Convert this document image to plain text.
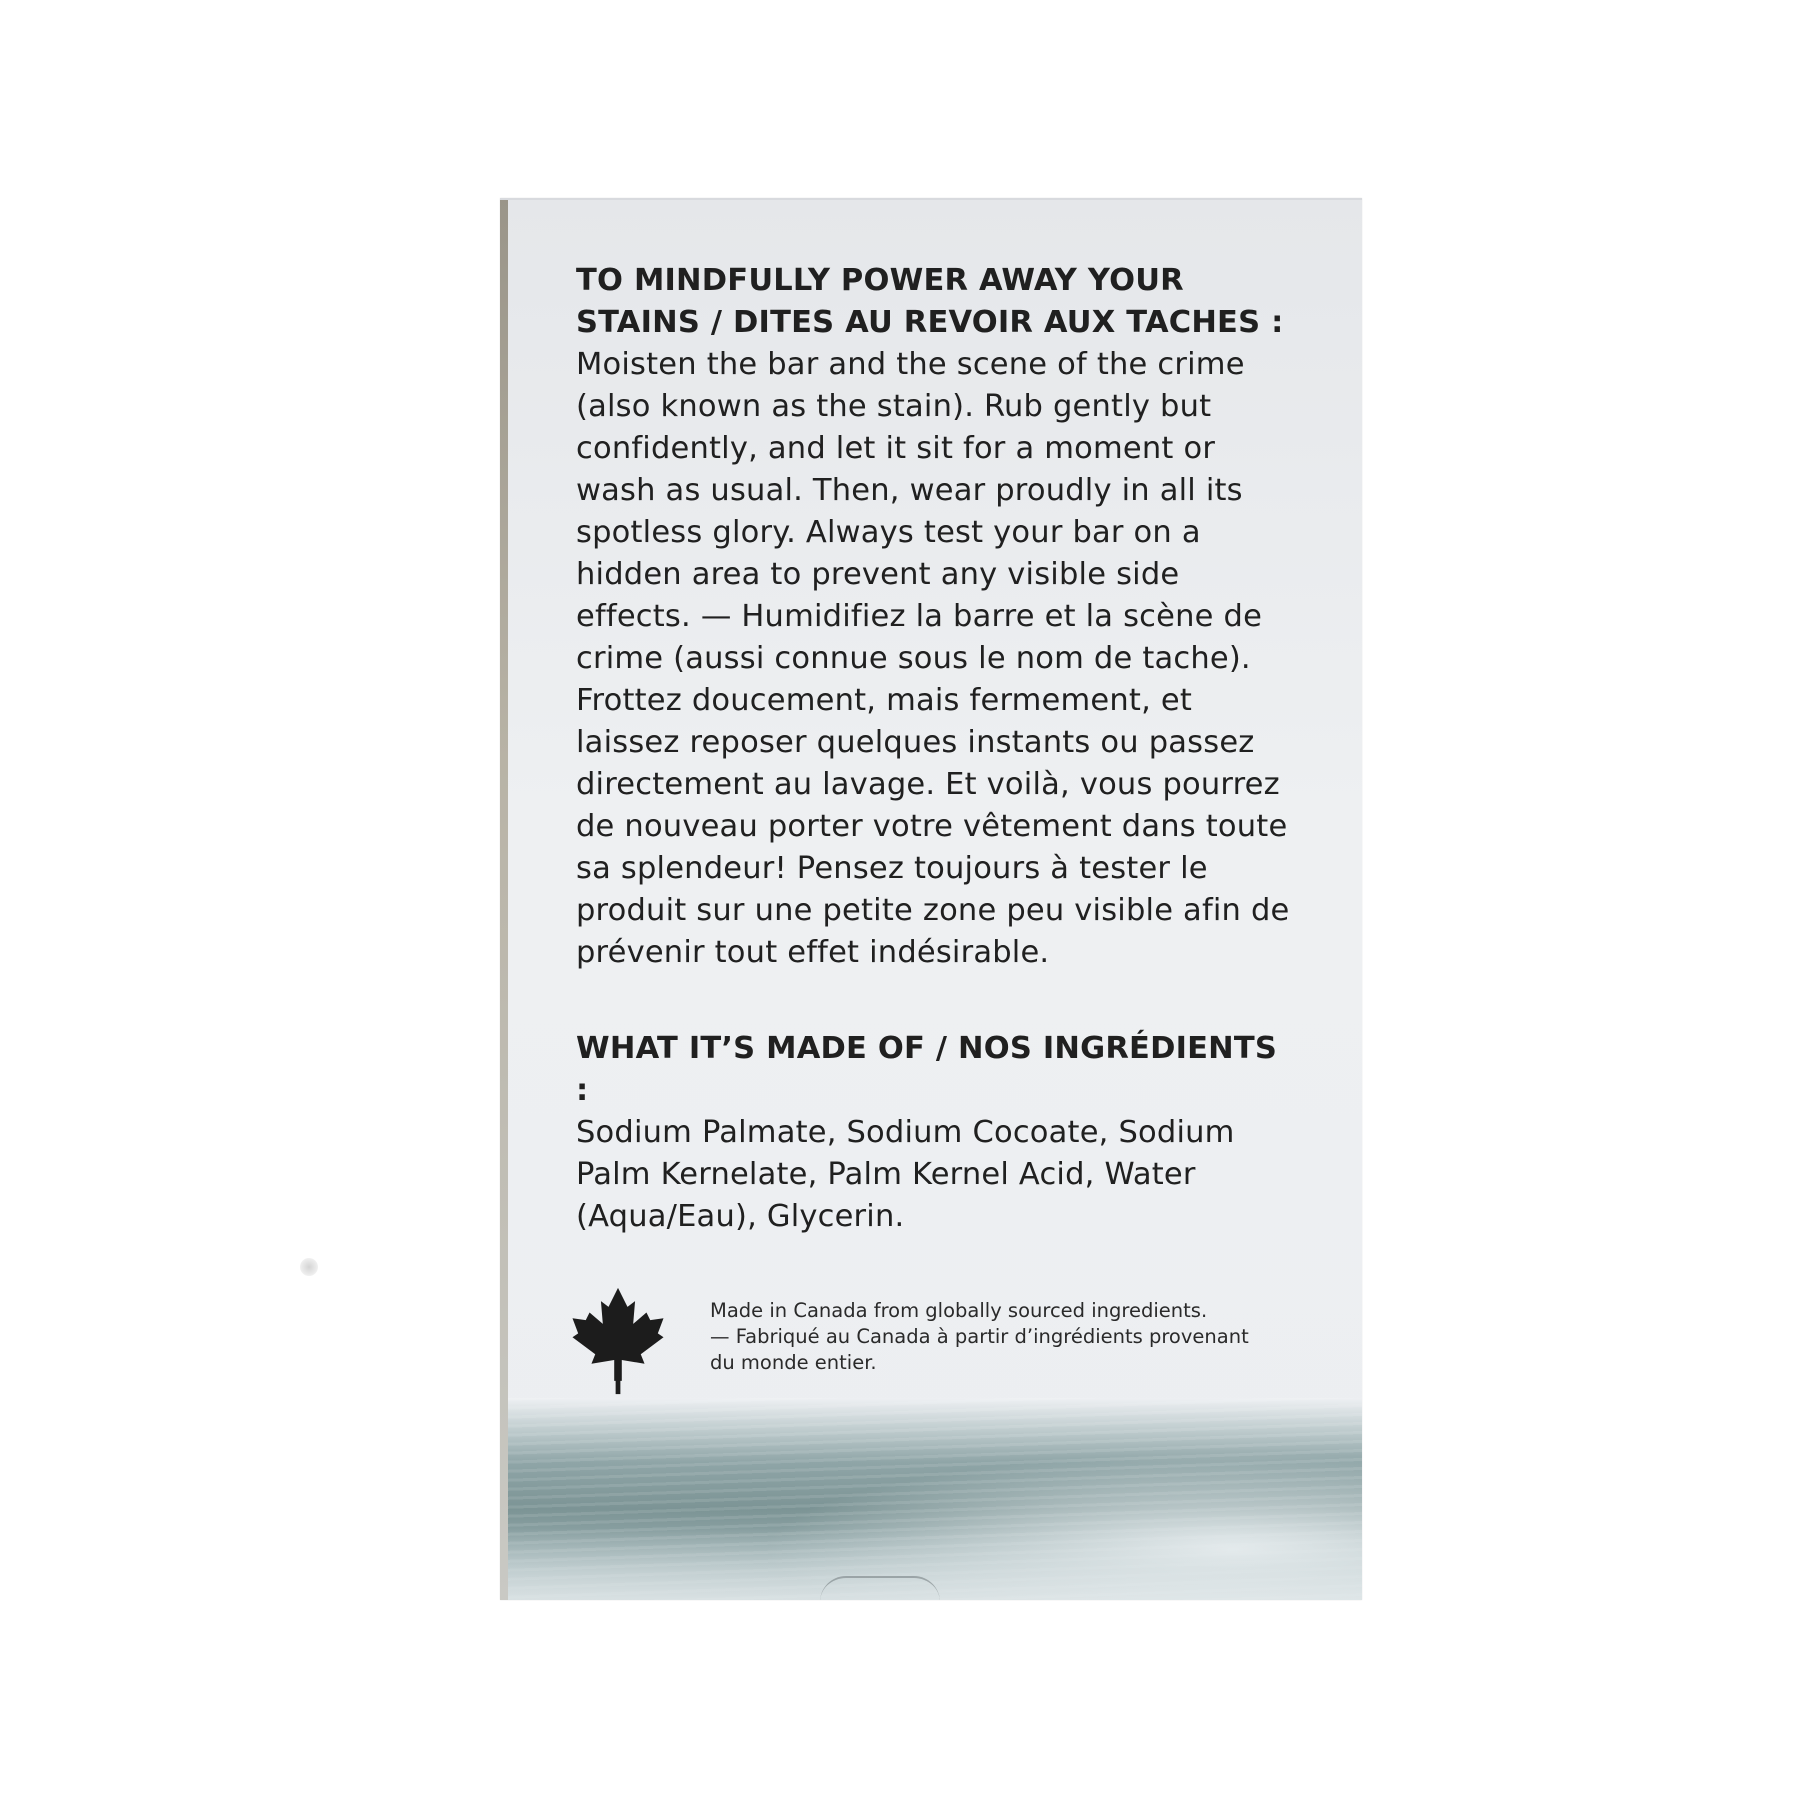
TO MINDFULLY POWER AWAY YOUR STAINS / DITES AU REVOIR AUX TACHES :

Moisten the bar and the scene of the crime (also known as the stain). Rub gently but confidently, and let it sit for a moment or wash as usual. Then, wear proudly in all its spotless glory. Always test your bar on a hidden area to prevent any visible side effects. — Humidifiez la barre et la scène de crime (aussi connue sous le nom de tache). Frottez doucement, mais fermement, et laissez reposer quelques instants ou passez directement au lavage. Et voilà, vous pourrez de nouveau porter votre vêtement dans toute sa splendeur! Pensez toujours à tester le produit sur une petite zone peu visible afin de prévenir tout effet indésirable.

WHAT IT’S MADE OF / NOS INGRÉDIENTS :

Sodium Palmate, Sodium Cocoate, Sodium Palm Kernelate, Palm Kernel Acid, Water (Aqua/Eau), Glycerin.

Made in Canada from globally sourced ingredients.
— Fabriqué au Canada à partir d’ingrédients provenant
du monde entier.
